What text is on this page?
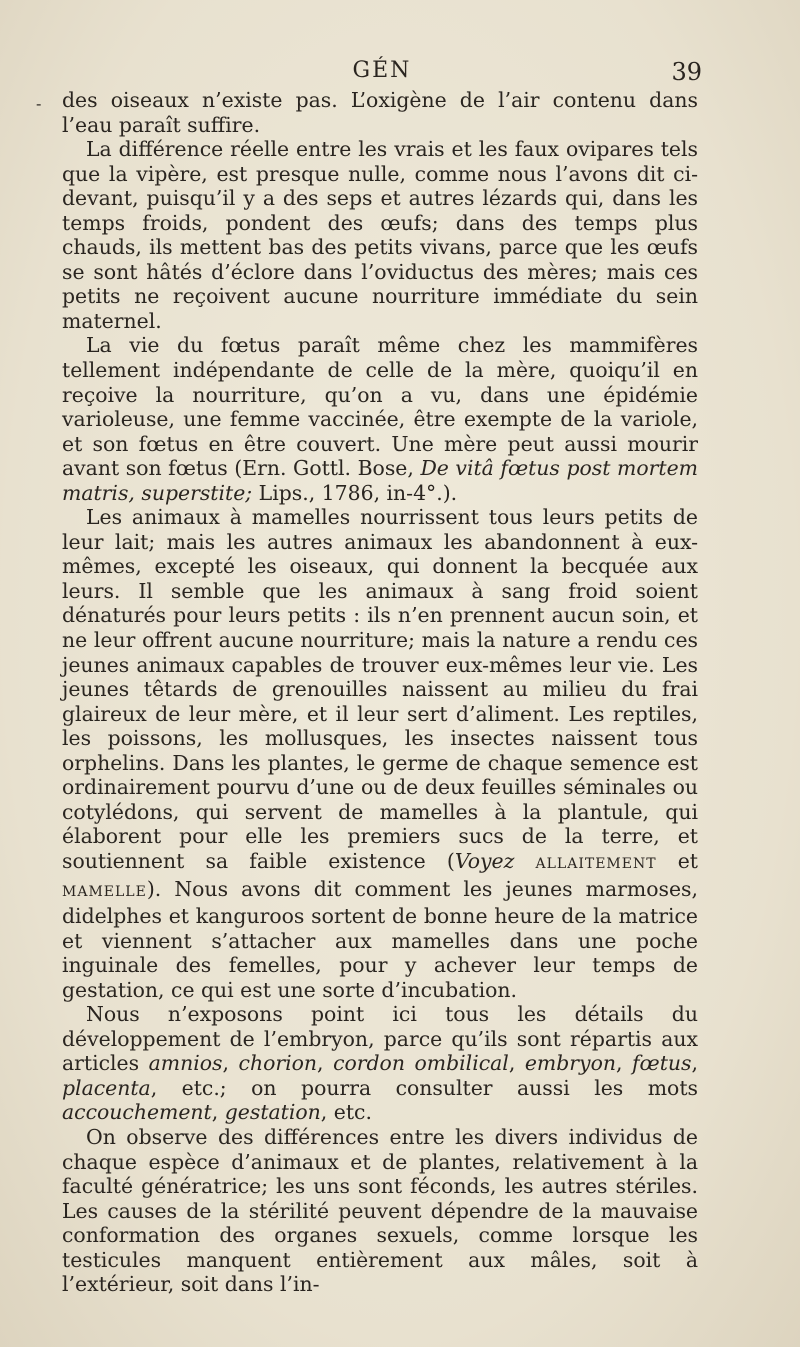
-
GÉN	39

des oiseaux n’existe pas. L’oxigène de l’air contenu dans l’eau paraît suffire.

La différence réelle entre les vrais et les faux ovipares tels que la vipère, est presque nulle, comme nous l’avons dit ci-devant, puisqu’il y a des seps et autres lézards qui, dans les temps froids, pondent des œufs; dans des temps plus chauds, ils mettent bas des petits vivans, parce que les œufs se sont hâtés d’éclore dans l’oviductus des mères; mais ces petits ne reçoivent aucune nourriture immédiate du sein maternel.

La vie du fœtus paraît même chez les mammifères tellement indépendante de celle de la mère, quoiqu’il en reçoive la nourriture, qu’on a vu, dans une épidémie varioleuse, une femme vaccinée, être exempte de la variole, et son fœtus en être couvert. Une mère peut aussi mourir avant son fœtus (Ern. Gottl. Bose, De vitâ fœtus post mortem matris, superstite; Lips., 1786, in-4°.).

Les animaux à mamelles nourrissent tous leurs petits de leur lait; mais les autres animaux les abandonnent à eux-mêmes, excepté les oiseaux, qui donnent la becquée aux leurs. Il semble que les animaux à sang froid soient dénaturés pour leurs petits : ils n’en prennent aucun soin, et ne leur offrent aucune nourriture; mais la nature a rendu ces jeunes animaux capables de trouver eux-mêmes leur vie. Les jeunes têtards de grenouilles naissent au milieu du frai glaireux de leur mère, et il leur sert d’aliment. Les reptiles, les poissons, les mollusques, les insectes naissent tous orphelins. Dans les plantes, le germe de chaque semence est ordinairement pourvu d’une ou de deux feuilles séminales ou cotylédons, qui servent de mamelles à la plantule, qui élaborent pour elle les premiers sucs de la terre, et soutiennent sa faible existence (Voyez ALLAITEMENT et MAMELLE). Nous avons dit comment les jeunes marmoses, didelphes et kanguroos sortent de bonne heure de la matrice et viennent s’attacher aux mamelles dans une poche inguinale des femelles, pour y achever leur temps de gestation, ce qui est une sorte d’incubation.

Nous n’exposons point ici tous les détails du développement de l’embryon, parce qu’ils sont répartis aux articles amnios, chorion, cordon ombilical, embryon, fœtus, placenta, etc.; on pourra consulter aussi les mots accouchement, gestation, etc.

On observe des différences entre les divers individus de chaque espèce d’animaux et de plantes, relativement à la faculté génératrice; les uns sont féconds, les autres stériles. Les causes de la stérilité peuvent dépendre de la mauvaise conformation des organes sexuels, comme lorsque les testicules manquent entièrement aux mâles, soit à l’extérieur, soit dans l’in-
